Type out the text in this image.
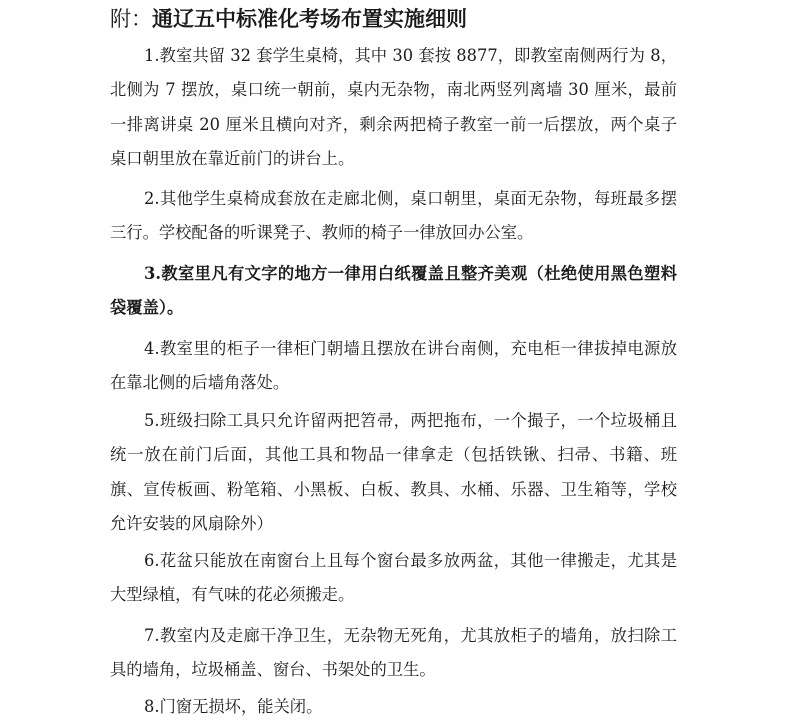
附：通辽五中标准化考场布置实施细则
1.教室共留 32 套学生桌椅，其中 30 套按 8877，即教室南侧两行为 8，北侧为 7 摆放，桌口统一朝前，桌内无杂物，南北两竖列离墙 30 厘米，最前一排离讲桌 20 厘米且横向对齐，剩余两把椅子教室一前一后摆放，两个桌子桌口朝里放在靠近前门的讲台上。
2.其他学生桌椅成套放在走廊北侧，桌口朝里，桌面无杂物，每班最多摆三行。学校配备的听课凳子、教师的椅子一律放回办公室。
3.教室里凡有文字的地方一律用白纸覆盖且整齐美观（杜绝使用黑色塑料袋覆盖）。
4.教室里的柜子一律柜门朝墙且摆放在讲台南侧，充电柜一律拔掉电源放在靠北侧的后墙角落处。
5.班级扫除工具只允许留两把笤帚，两把拖布，一个撮子，一个垃圾桶且统一放在前门后面，其他工具和物品一律拿走（包括铁锹、扫帚、书籍、班旗、宣传板画、粉笔箱、小黑板、白板、教具、水桶、乐器、卫生箱等，学校允许安装的风扇除外）
6.花盆只能放在南窗台上且每个窗台最多放两盆，其他一律搬走，尤其是大型绿植，有气味的花必须搬走。
7.教室内及走廊干净卫生，无杂物无死角，尤其放柜子的墙角，放扫除工具的墙角，垃圾桶盖、窗台、书架处的卫生。
8.门窗无损坏，能关闭。
